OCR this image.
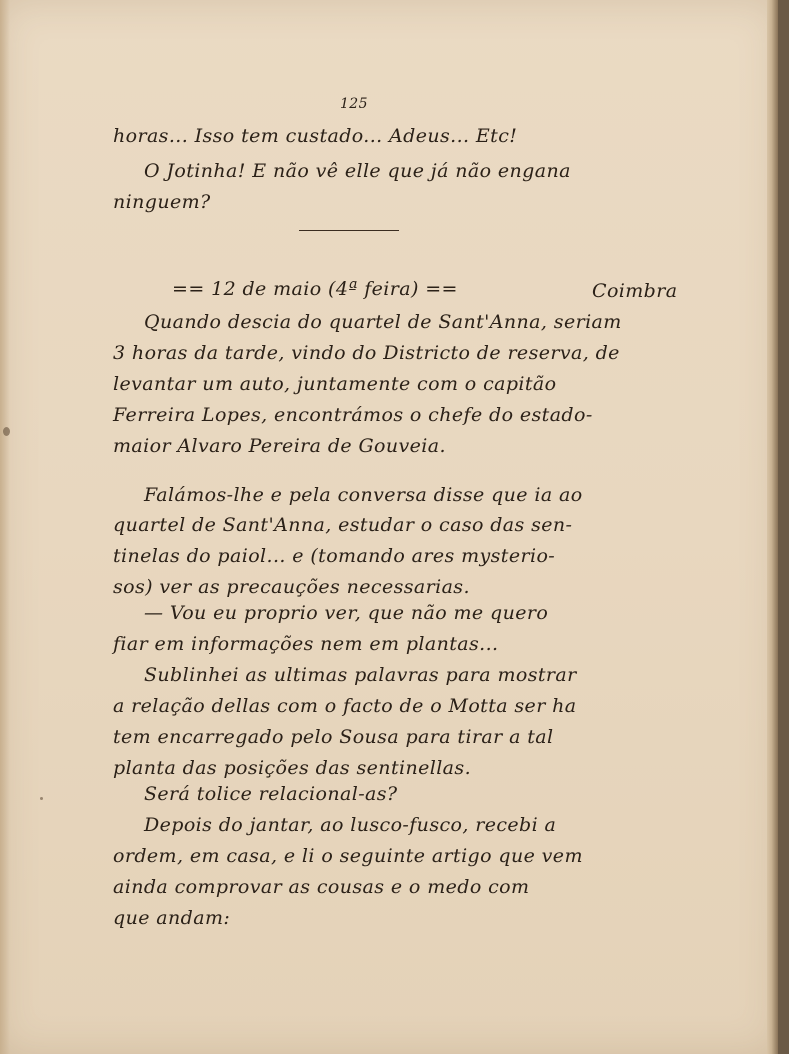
125
horas... Isso tem custado... Adeus... Etc!
O Jotinha! E não vê elle que já não engana
ninguem?
== 12 de maio (4ª feira) ==	Coimbra
Quando descia do quartel de Sant'Anna, seriam
3 horas da tarde, vindo do Districto de reserva, de
levantar um auto, juntamente com o capitão
Ferreira Lopes, encontrámos o chefe do estado-
maior Alvaro Pereira de Gouveia.
Falámos-lhe e pela conversa disse que ia ao
quartel de Sant'Anna, estudar o caso das sen-
tinelas do paiol... e (tomando ares mysterio-
sos) ver as precauções necessarias.
— Vou eu proprio ver, que não me quero
fiar em informações nem em plantas...
Sublinhei as ultimas palavras para mostrar
a relação dellas com o facto de o Motta ser ha
tem encarregado pelo Sousa para tirar a tal
planta das posições das sentinellas.
Será tolice relacional-as?
Depois do jantar, ao lusco-fusco, recebi a
ordem, em casa, e li o seguinte artigo que vem
ainda comprovar as cousas e o medo com
que andam:
